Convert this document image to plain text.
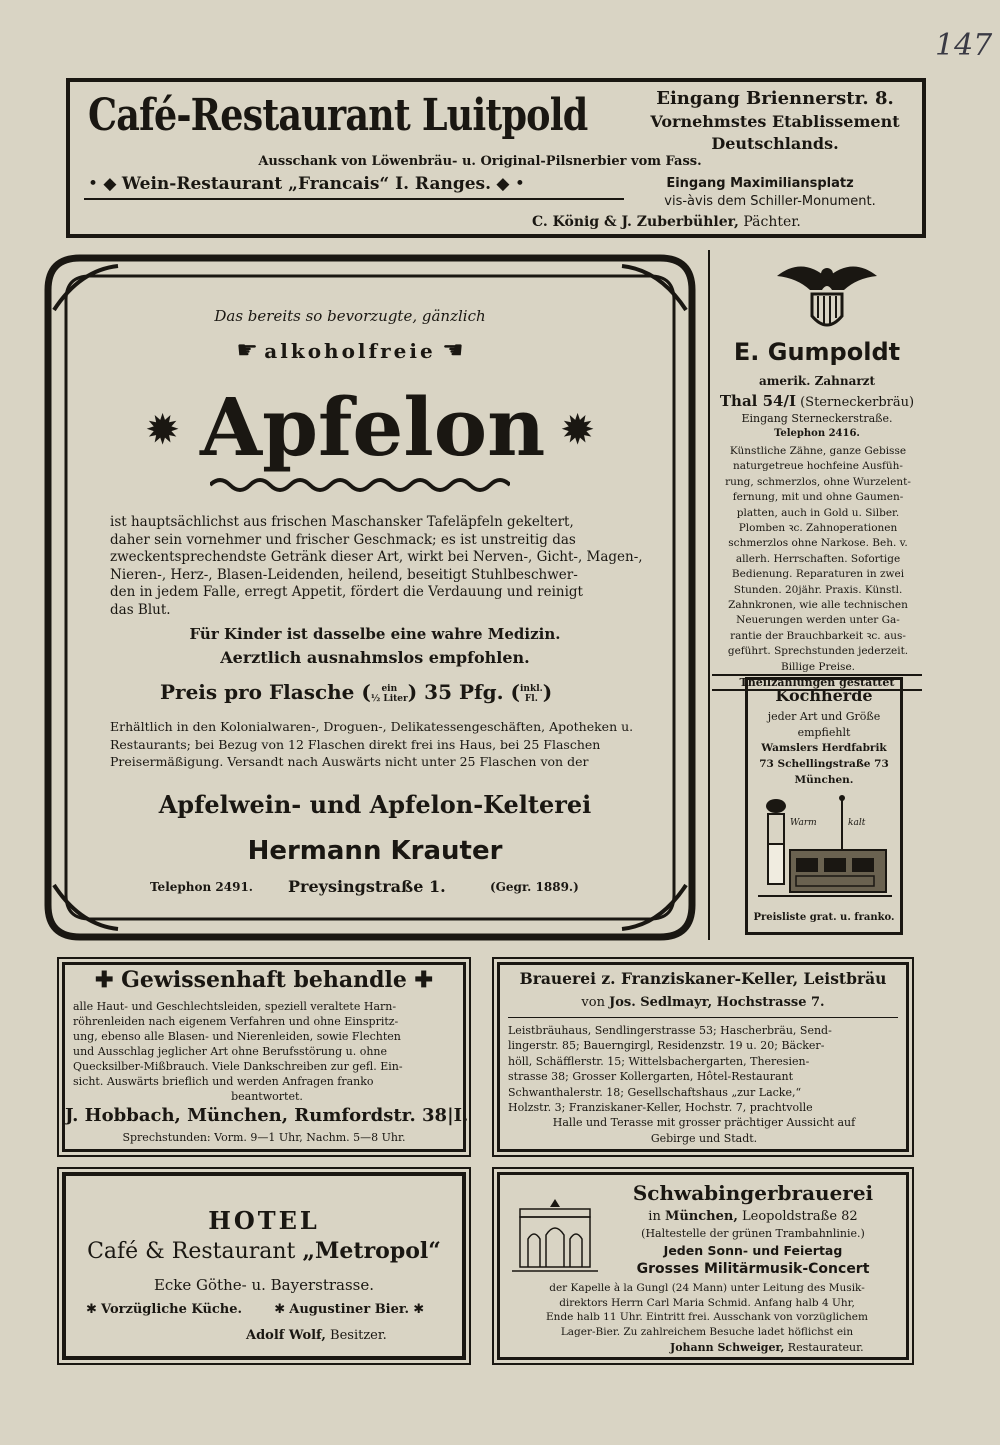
147
Café-Restaurant Luitpold	Eingang Briennerstr. 8.
Vornehmstes Etablissement
Deutschlands.
Ausschank von Löwenbräu- u. Original-Pilsnerbier vom Fass.
• ◆ Wein-Restaurant „Francais“ I. Ranges. ◆ •	Eingang Maximiliansplatz
vis-àvis dem Schiller-Monument.
C. König & J. Zuberbühler, Pächter.
Das bereits so bevorzugte, gänzlich
☛ alkoholfreie ☚
✹ Apfelon ✹

ist hauptsächlichst aus frischen Maschansker Tafeläpfeln gekeltert,

daher sein vornehmer und frischer Geschmack; es ist unstreitig das

zweckentsprechendste Getränk dieser Art, wirkt bei Nerven-, Gicht-, Magen-,

Nieren-, Herz-, Blasen-Leidenden, heilend, beseitigt Stuhlbeschwer-

den in jedem Falle, erregt Appetit, fördert die Verdauung und reinigt

das Blut.

Für Kinder ist dasselbe eine wahre Medizin.
Aerztlich ausnahmslos empfohlen.
Preis pro Flasche ( ein
½ Liter) 35 Pfg. (inkl.
Fl. )

Erhältlich in den Kolonialwaren-, Droguen-, Delikatessengeschäften, Apotheken u.

Restaurants; bei Bezug von 12 Flaschen direkt frei ins Haus, bei 25 Flaschen

Preisermäßigung. Versandt nach Auswärts nicht unter 25 Flaschen von der

Apfelwein- und Apfelon-Kelterei
Hermann Krauter
Telephon 2491. Preysingstraße 1.	(Gegr. 1889.)
E. Gumpoldt
amerik. Zahnarzt
Thal 54/I (Sterneckerbräu)
Eingang Sterneckerstraße.
Telephon 2416.

Künstliche Zähne, ganze Gebisse

naturgetreue hochfeine Ausfüh-

rung, schmerzlos, ohne Wurzelent-

fernung, mit und ohne Gaumen-

platten, auch in Gold u. Silber.

Plomben ꝛc. Zahnoperationen

schmerzlos ohne Narkose. Beh. v.

allerh. Herrschaften. Sofortige

Bedienung. Reparaturen in zwei

Stunden. 20jähr. Praxis. Künstl.

Zahnkronen, wie alle technischen

Neuerungen werden unter Ga-

rantie der Brauchbarkeit ꝛc. aus-

geführt. Sprechstunden jederzeit.

Billige Preise.

Theilzahlungen gestattet
Kochherde
jeder Art und Größe
empfiehlt
Wamslers Herdfabrik
73 Schellingstraße 73
München.
Warm	kalt
Preisliste grat. u. franko.
✚ Gewissenhaft behandle ✚

alle Haut- und Geschlechtsleiden, speziell veraltete Harn-

röhrenleiden nach eigenem Verfahren und ohne Einspritz-

ung, ebenso alle Blasen- und Nierenleiden, sowie Flechten

und Ausschlag jeglicher Art ohne Berufsstörung u. ohne

Quecksilber-Mißbrauch. Viele Dankschreiben zur gefl. Ein-

sicht. Auswärts brieflich und werden Anfragen franko

beantwortet.

J. Hobbach, München, Rumfordstr. 38|I.
Sprechstunden: Vorm. 9—1 Uhr, Nachm. 5—8 Uhr.
Brauerei z. Franziskaner-Keller, Leistbräu
von Jos. Sedlmayr, Hochstrasse 7.

Leistbräuhaus, Sendlingerstrasse 53; Hascherbräu, Send-

lingerstr. 85; Bauerngirgl, Residenzstr. 19 u. 20; Bäcker-

höll, Schäfflerstr. 15; Wittelsbachergarten, Theresien-

strasse 38; Grosser Kollergarten, Hôtel-Restaurant

Schwanthalerstr. 18; Gesellschaftshaus „zur Lacke,“

Holzstr. 3; Franziskaner-Keller, Hochstr. 7, prachtvolle

Halle und Terasse mit grosser prächtiger Aussicht auf

Gebirge und Stadt.

HOTEL
Café & Restaurant „Metropol“
Ecke Göthe- u. Bayerstrasse.
✱ Vorzügliche Küche. ✱ Augustiner Bier. ✱
Adolf Wolf, Besitzer.
Schwabingerbrauerei
in München, Leopoldstraße 82
(Haltestelle der grünen Trambahnlinie.)
Jeden Sonn- und Feiertag
Grosses Militärmusik-Concert

der Kapelle à la Gungl (24 Mann) unter Leitung des Musik-

direktors Herrn Carl Maria Schmid. Anfang halb 4 Uhr,

Ende halb 11 Uhr. Eintritt frei. Ausschank von vorzüglichem

Lager-Bier. Zu zahlreichem Besuche ladet höflichst ein

Johann Schweiger, Restaurateur.
